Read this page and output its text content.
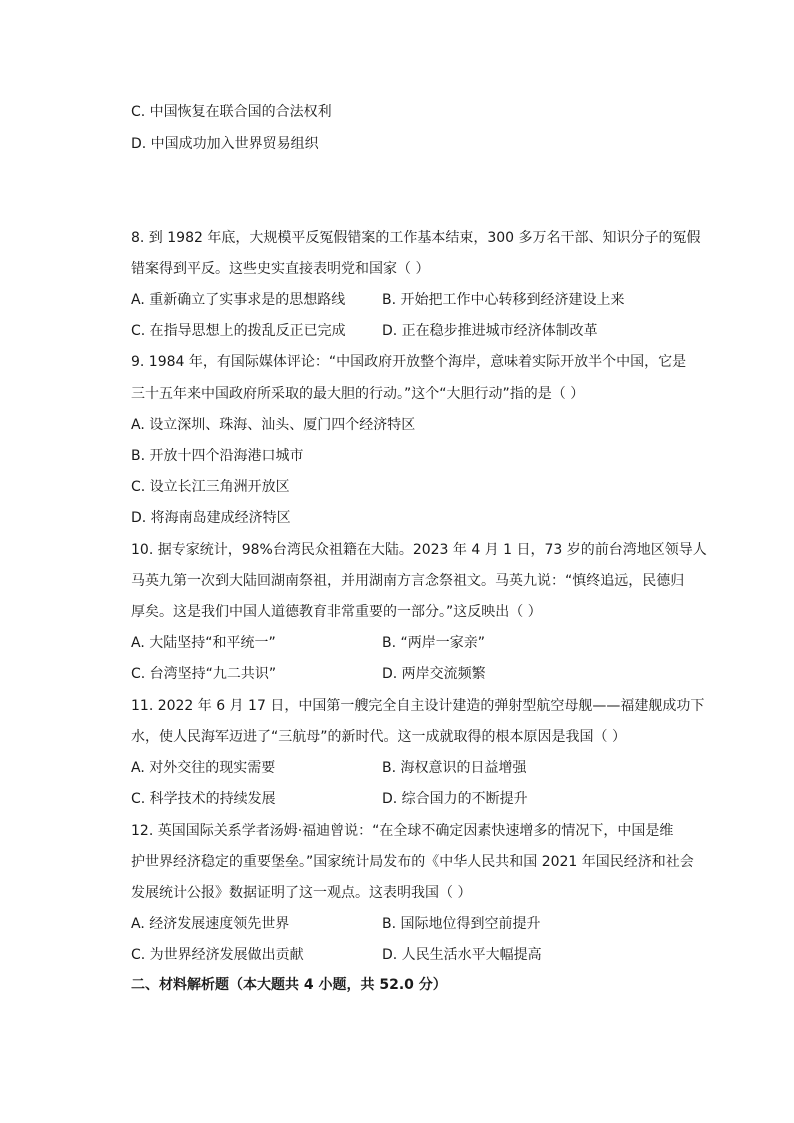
C. 中国恢复在联合国的合法权利
D. 中国成功加入世界贸易组织
8. 到 1982 年底，大规模平反冤假错案的工作基本结束，300 多万名干部、知识分子的冤假
错案得到平反。这些史实直接表明党和国家（ ）
A. 重新确立了实事求是的思想路线	B. 开始把工作中心转移到经济建设上来
C. 在指导思想上的拨乱反正已完成	D. 正在稳步推进城市经济体制改革
9. 1984 年，有国际媒体评论：“中国政府开放整个海岸，意味着实际开放半个中国，它是
三十五年来中国政府所采取的最大胆的行动。”这个“大胆行动”指的是（ ）
A. 设立深圳、珠海、汕头、厦门四个经济特区
B. 开放十四个沿海港口城市
C. 设立长江三角洲开放区
D. 将海南岛建成经济特区
10. 据专家统计，98%台湾民众祖籍在大陆。2023 年 4 月 1 日，73 岁的前台湾地区领导人
马英九第一次到大陆回湖南祭祖，并用湖南方言念祭祖文。马英九说：“慎终追远，民德归
厚矣。这是我们中国人道德教育非常重要的一部分。”这反映出（ ）
A. 大陆坚持“和平统一”	B. “两岸一家亲”
C. 台湾坚持“九二共识”	D. 两岸交流频繁
11. 2022 年 6 月 17 日，中国第一艘完全自主设计建造的弹射型航空母舰——福建舰成功下
水，使人民海军迈进了“三航母”的新时代。这一成就取得的根本原因是我国（ ）
A. 对外交往的现实需要	B. 海权意识的日益增强
C. 科学技术的持续发展	D. 综合国力的不断提升
12. 英国国际关系学者汤姆·福迪曾说：“在全球不确定因素快速增多的情况下，中国是维
护世界经济稳定的重要堡垒。”国家统计局发布的《中华人民共和国 2021 年国民经济和社会
发展统计公报》数据证明了这一观点。这表明我国（ ）
A. 经济发展速度领先世界	B. 国际地位得到空前提升
C. 为世界经济发展做出贡献	D. 人民生活水平大幅提高
二、材料解析题（本大题共 4 小题，共 52.0 分）
